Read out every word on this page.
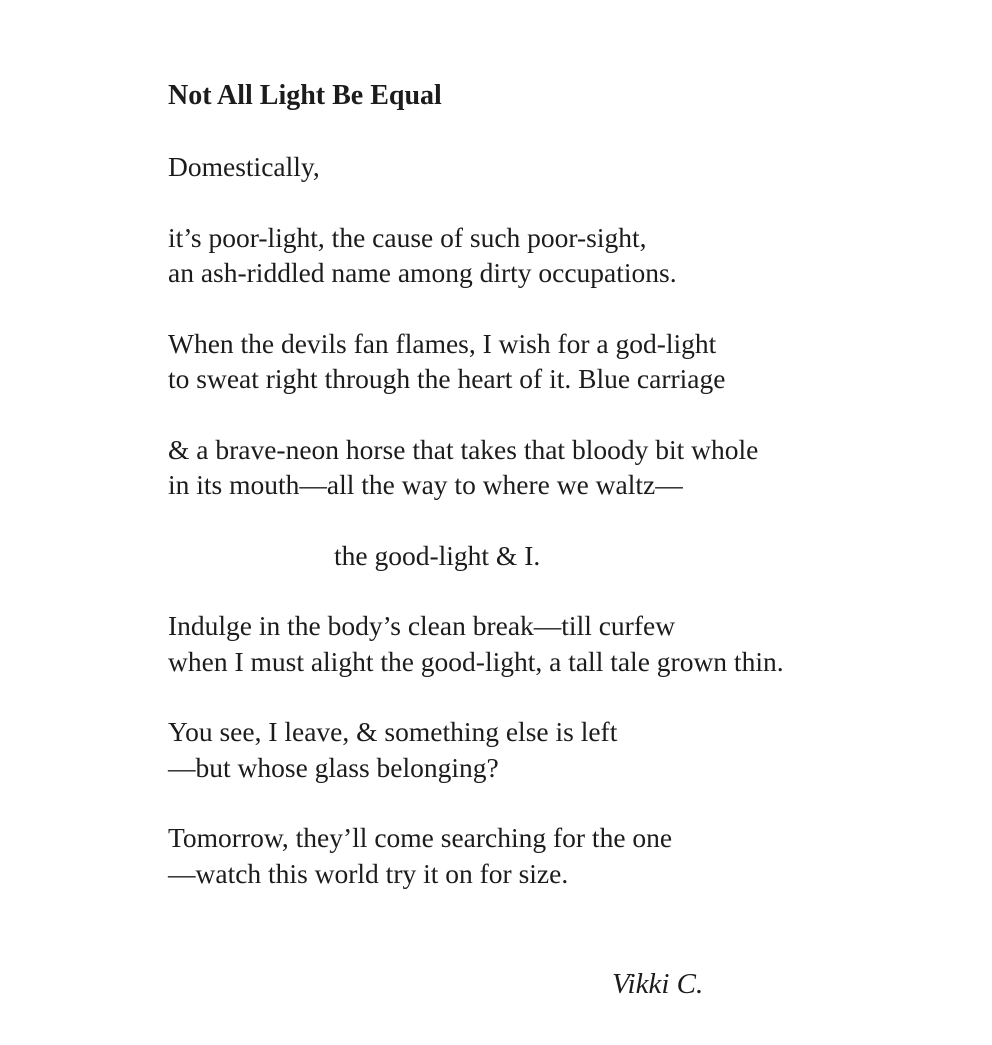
Not All Light Be Equal
Domestically,
it’s poor-light, the cause of such poor-sight,
an ash-riddled name among dirty occupations.
When the devils fan flames, I wish for a god-light
to sweat right through the heart of it. Blue carriage
& a brave-neon horse that takes that bloody bit whole
in its mouth—all the way to where we waltz—
the good-light & I.
Indulge in the body’s clean break—till curfew
when I must alight the good-light, a tall tale grown thin.
You see, I leave, & something else is left
—but whose glass belonging?
Tomorrow, they’ll come searching for the one
—watch this world try it on for size.
Vikki C.
